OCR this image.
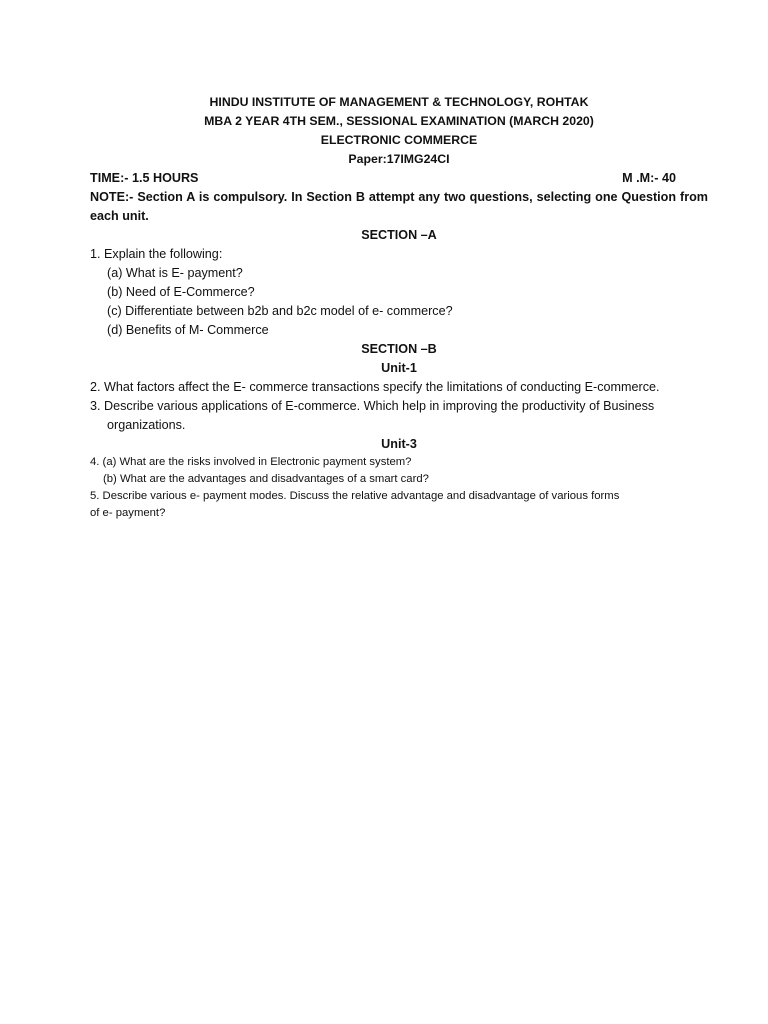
HINDU INSTITUTE OF MANAGEMENT & TECHNOLOGY, ROHTAK
MBA 2 YEAR 4TH SEM., SESSIONAL EXAMINATION (MARCH 2020)
ELECTRONIC COMMERCE
Paper:17IMG24CI
TIME:- 1.5 HOURS	M .M:- 40
NOTE:- Section A is compulsory. In Section B attempt any two questions, selecting one Question from each unit.
SECTION –A
1. Explain the following:
(a) What is E- payment?
(b) Need of E-Commerce?
(c) Differentiate between b2b and b2c model of e- commerce?
(d) Benefits of M- Commerce
SECTION –B
Unit-1
2. What factors affect the E- commerce transactions specify the limitations of conducting E-commerce.
3. Describe various applications of E-commerce. Which help in improving the productivity of Business
organizations.
Unit-3
4. (a) What are the risks involved in Electronic payment system?
(b) What are the advantages and disadvantages of a smart card?
5. Describe various e- payment modes. Discuss the relative advantage and disadvantage of various forms
of e- payment?
